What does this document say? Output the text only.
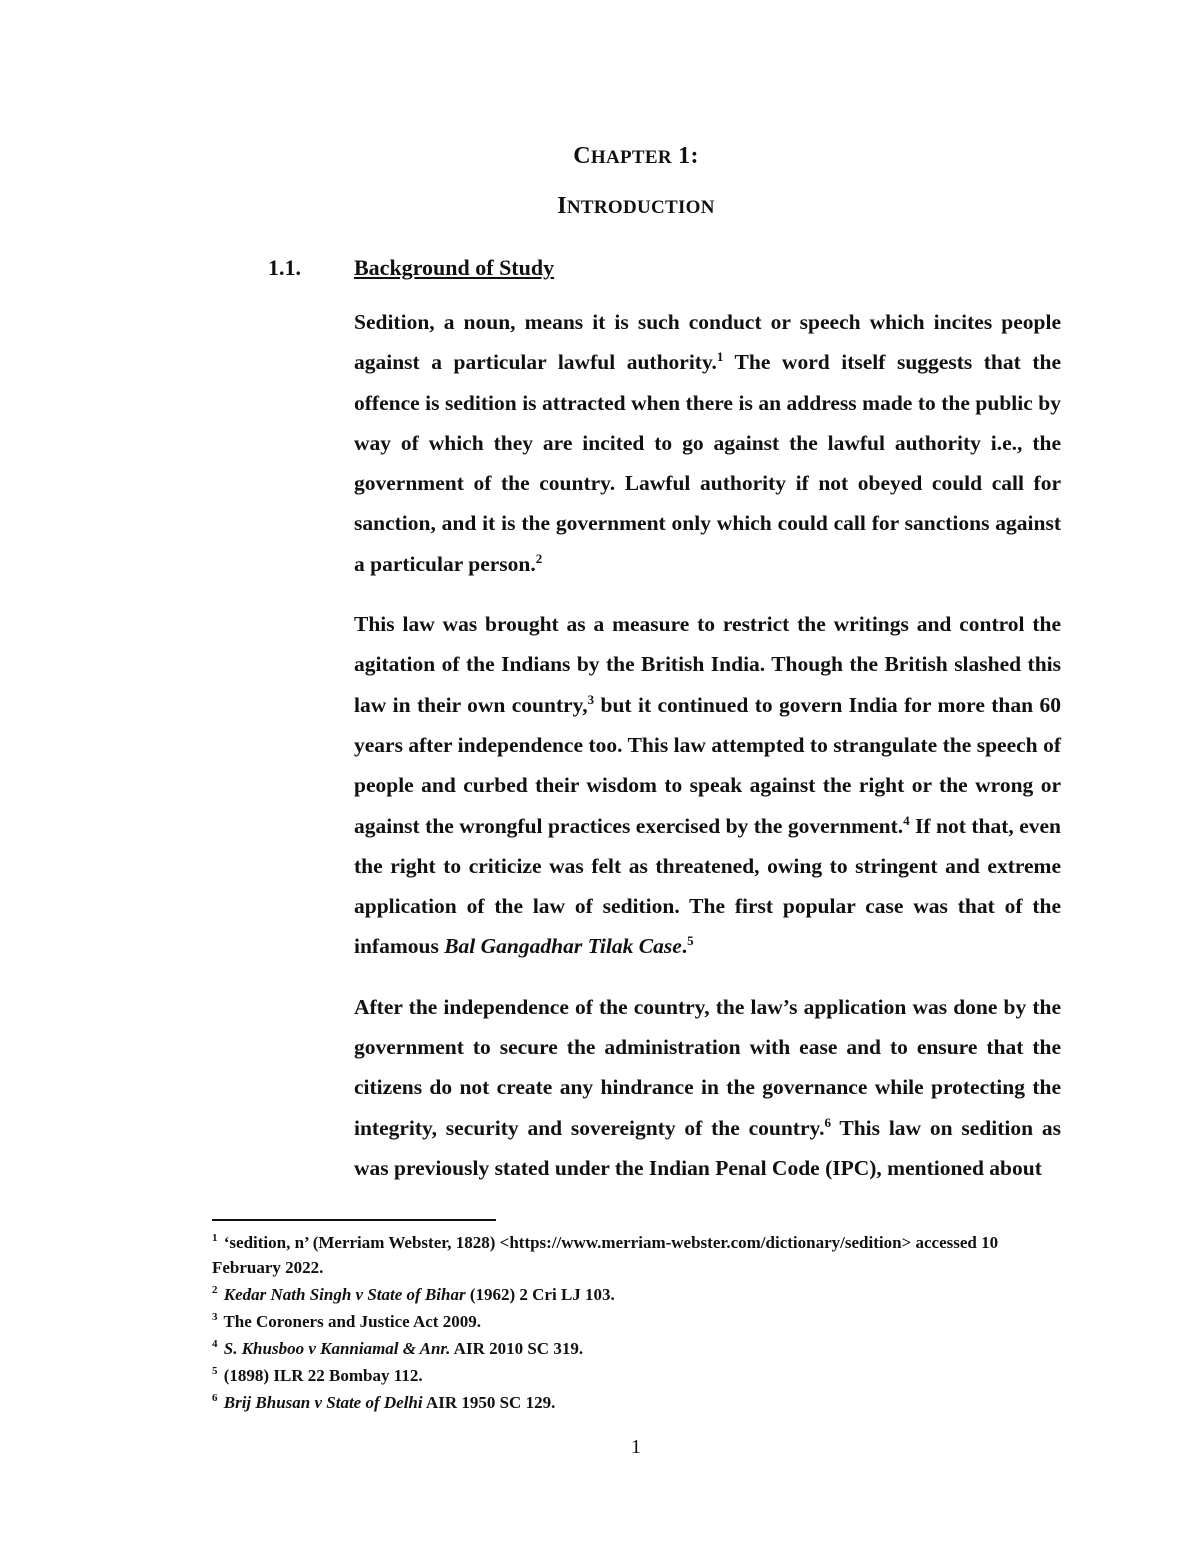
CHAPTER 1:
INTRODUCTION
1.1. Background of Study

Sedition, a noun, means it is such conduct or speech which incites people against a particular lawful authority.$^1$ The word itself suggests that the offence is sedition is attracted when there is an address made to the public by way of which they are incited to go against the lawful authority i.e., the government of the country. Lawful authority if not obeyed could call for sanction, and it is the government only which could call for sanctions against a particular person.$^2$

This law was brought as a measure to restrict the writings and control the agitation of the Indians by the British India. Though the British slashed this law in their own country,$^3$ but it continued to govern India for more than 60 years after independence too. This law attempted to strangulate the speech of people and curbed their wisdom to speak against the right or the wrong or against the wrongful practices exercised by the government.$^4$ If not that, even the right to criticize was felt as threatened, owing to stringent and extreme application of the law of sedition. The first popular case was that of the infamous Bal Gangadhar Tilak Case.$^5$

After the independence of the country, the law’s application was done by the government to secure the administration with ease and to ensure that the citizens do not create any hindrance in the governance while protecting the integrity, security and sovereignty of the country.$^6$ This law on sedition as was previously stated under the Indian Penal Code (IPC), mentioned about

$^1$ ‘sedition, n’ (Merriam Webster, 1828) <https://www.merriam-webster.com/dictionary/sedition> accessed 10 February 2022.
$^2$ Kedar Nath Singh v State of Bihar (1962) 2 Cri LJ 103.
$^3$ The Coroners and Justice Act 2009.
$^4$ S. Khusboo v Kanniamal & Anr. AIR 2010 SC 319.
$^5$ (1898) ILR 22 Bombay 112.
$^6$ Brij Bhusan v State of Delhi AIR 1950 SC 129.
1
